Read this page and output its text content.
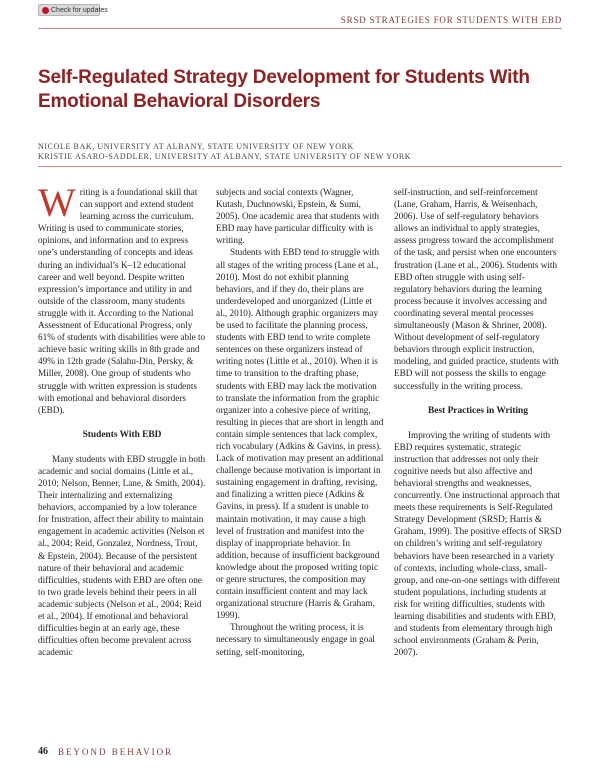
Check for updates
SRSD STRATEGIES FOR STUDENTS WITH EBD
Self-Regulated Strategy Development for Students With Emotional Behavioral Disorders
NICOLE BAK, UNIVERSITY AT ALBANY, STATE UNIVERSITY OF NEW YORK
KRISTIE ASARO-SADDLER, UNIVERSITY AT ALBANY, STATE UNIVERSITY OF NEW YORK

Writing is a foundational skill that can support and extend student learning across the curriculum. Writing is used to communicate stories, opinions, and information and to express one’s understanding of concepts and ideas during an individual’s K–12 educational career and well beyond. Despite written expression’s importance and utility in and outside of the classroom, many students struggle with it. According to the National Assessment of Educational Progress, only 61% of students with disabilities were able to achieve basic writing skills in 8th grade and 49% in 12th grade (Salahu-Din, Persky, & Miller, 2008). One group of students who struggle with written expression is students with emotional and behavioral disorders (EBD).

Students With EBD

Many students with EBD struggle in both academic and social domains (Little et al., 2010; Nelson, Benner, Lane, & Smith, 2004). Their internalizing and externalizing behaviors, accompanied by a low tolerance for frustration, affect their ability to maintain engagement in academic activities (Nelson et al., 2004; Reid, Gonzalez, Nordness, Trout, & Epstein, 2004). Because of the persistent nature of their behavioral and academic difficulties, students with EBD are often one to two grade levels behind their peers in all academic subjects (Nelson et al., 2004; Reid et al., 2004). If emotional and behavioral difficulties begin at an early age, these difficulties often become prevalent across academic

subjects and social contexts (Wagner, Kutash, Duchnowski, Epstein, & Sumi, 2005). One academic area that students with EBD may have particular difficulty with is writing.

Students with EBD tend to struggle with all stages of the writing process (Lane et al., 2010). Most do not exhibit planning behaviors, and if they do, their plans are underdeveloped and unorganized (Little et al., 2010). Although graphic organizers may be used to facilitate the planning process, students with EBD tend to write complete sentences on these organizers instead of writing notes (Little et al., 2010). When it is time to transition to the drafting phase, students with EBD may lack the motivation to translate the information from the graphic organizer into a cohesive piece of writing, resulting in pieces that are short in length and contain simple sentences that lack complex, rich vocabulary (Adkins & Gavins, in press). Lack of motivation may present an additional challenge because motivation is important in sustaining engagement in drafting, revising, and finalizing a written piece (Adkins & Gavins, in press). If a student is unable to maintain motivation, it may cause a high level of frustration and manifest into the display of inappropriate behavior. In addition, because of insufficient background knowledge about the proposed writing topic or genre structures, the composition may contain insufficient content and may lack organizational structure (Harris & Graham, 1999).

Throughout the writing process, it is necessary to simultaneously engage in goal setting, self-monitoring,

self-instruction, and self-reinforcement (Lane, Graham, Harris, & Weisenbach, 2006). Use of self-regulatory behaviors allows an individual to apply strategies, assess progress toward the accomplishment of the task, and persist when one encounters frustration (Lane et al., 2006). Students with EBD often struggle with using self-regulatory behaviors during the learning process because it involves accessing and coordinating several mental processes simultaneously (Mason & Shriner, 2008). Without development of self-regulatory behaviors through explicit instruction, modeling, and guided practice, students with EBD will not possess the skills to engage successfully in the writing process.

Best Practices in Writing

Improving the writing of students with EBD requires systematic, strategic instruction that addresses not only their cognitive needs but also affective and behavioral strengths and weaknesses, concurrently. One instructional approach that meets these requirements is Self-Regulated Strategy Development (SRSD; Harris & Graham, 1999). The positive effects of SRSD on children’s writing and self-regulatory behaviors have been researched in a variety of contexts, including whole-class, small-group, and one-on-one settings with different student populations, including students at risk for writing difficulties, students with learning disabilities and students with EBD, and students from elementary through high school environments (Graham & Perin, 2007).

46 BEYOND BEHAVIOR
